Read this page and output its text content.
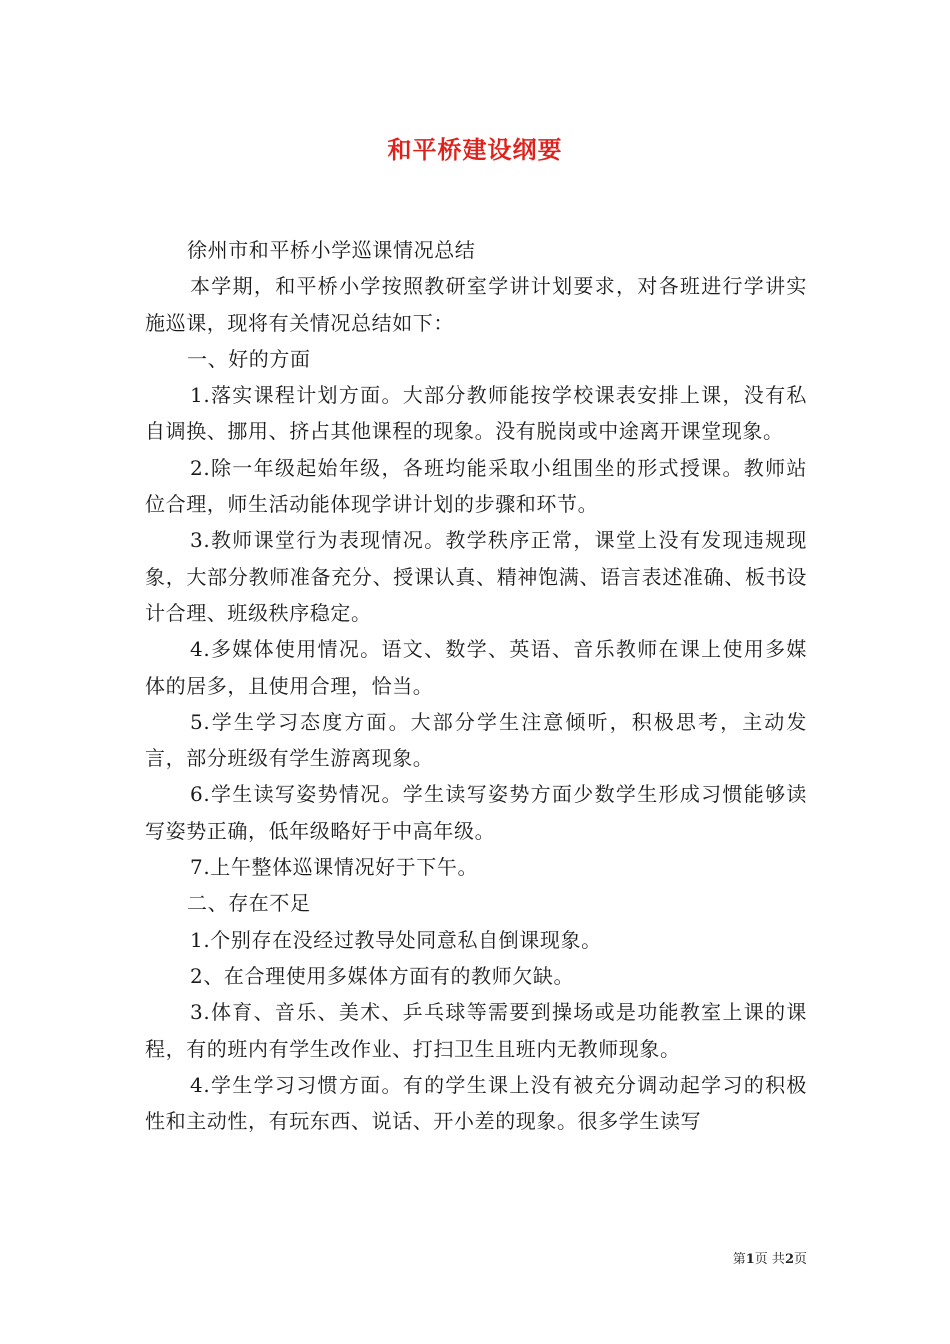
和平桥建设纲要

徐州市和平桥小学巡课情况总结

本学期，和平桥小学按照教研室学讲计划要求，对各班进行学讲实施巡课，现将有关情况总结如下：

一、好的方面

1.落实课程计划方面。大部分教师能按学校课表安排上课，没有私自调换、挪用、挤占其他课程的现象。没有脱岗或中途离开课堂现象。

2.除一年级起始年级，各班均能采取小组围坐的形式授课。教师站位合理，师生活动能体现学讲计划的步骤和环节。

3.教师课堂行为表现情况。教学秩序正常，课堂上没有发现违规现象，大部分教师准备充分、授课认真、精神饱满、语言表述准确、板书设计合理、班级秩序稳定。

4.多媒体使用情况。语文、数学、英语、音乐教师在课上使用多媒体的居多，且使用合理，恰当。

5.学生学习态度方面。大部分学生注意倾听，积极思考，主动发言，部分班级有学生游离现象。

6.学生读写姿势情况。学生读写姿势方面少数学生形成习惯能够读写姿势正确，低年级略好于中高年级。

7.上午整体巡课情况好于下午。

二、存在不足

1.个别存在没经过教导处同意私自倒课现象。

2、在合理使用多媒体方面有的教师欠缺。

3.体育、音乐、美术、乒乓球等需要到操场或是功能教室上课的课程，有的班内有学生改作业、打扫卫生且班内无教师现象。

4.学生学习习惯方面。有的学生课上没有被充分调动起学习的积极性和主动性，有玩东西、说话、开小差的现象。很多学生读写

第1页 共2页
